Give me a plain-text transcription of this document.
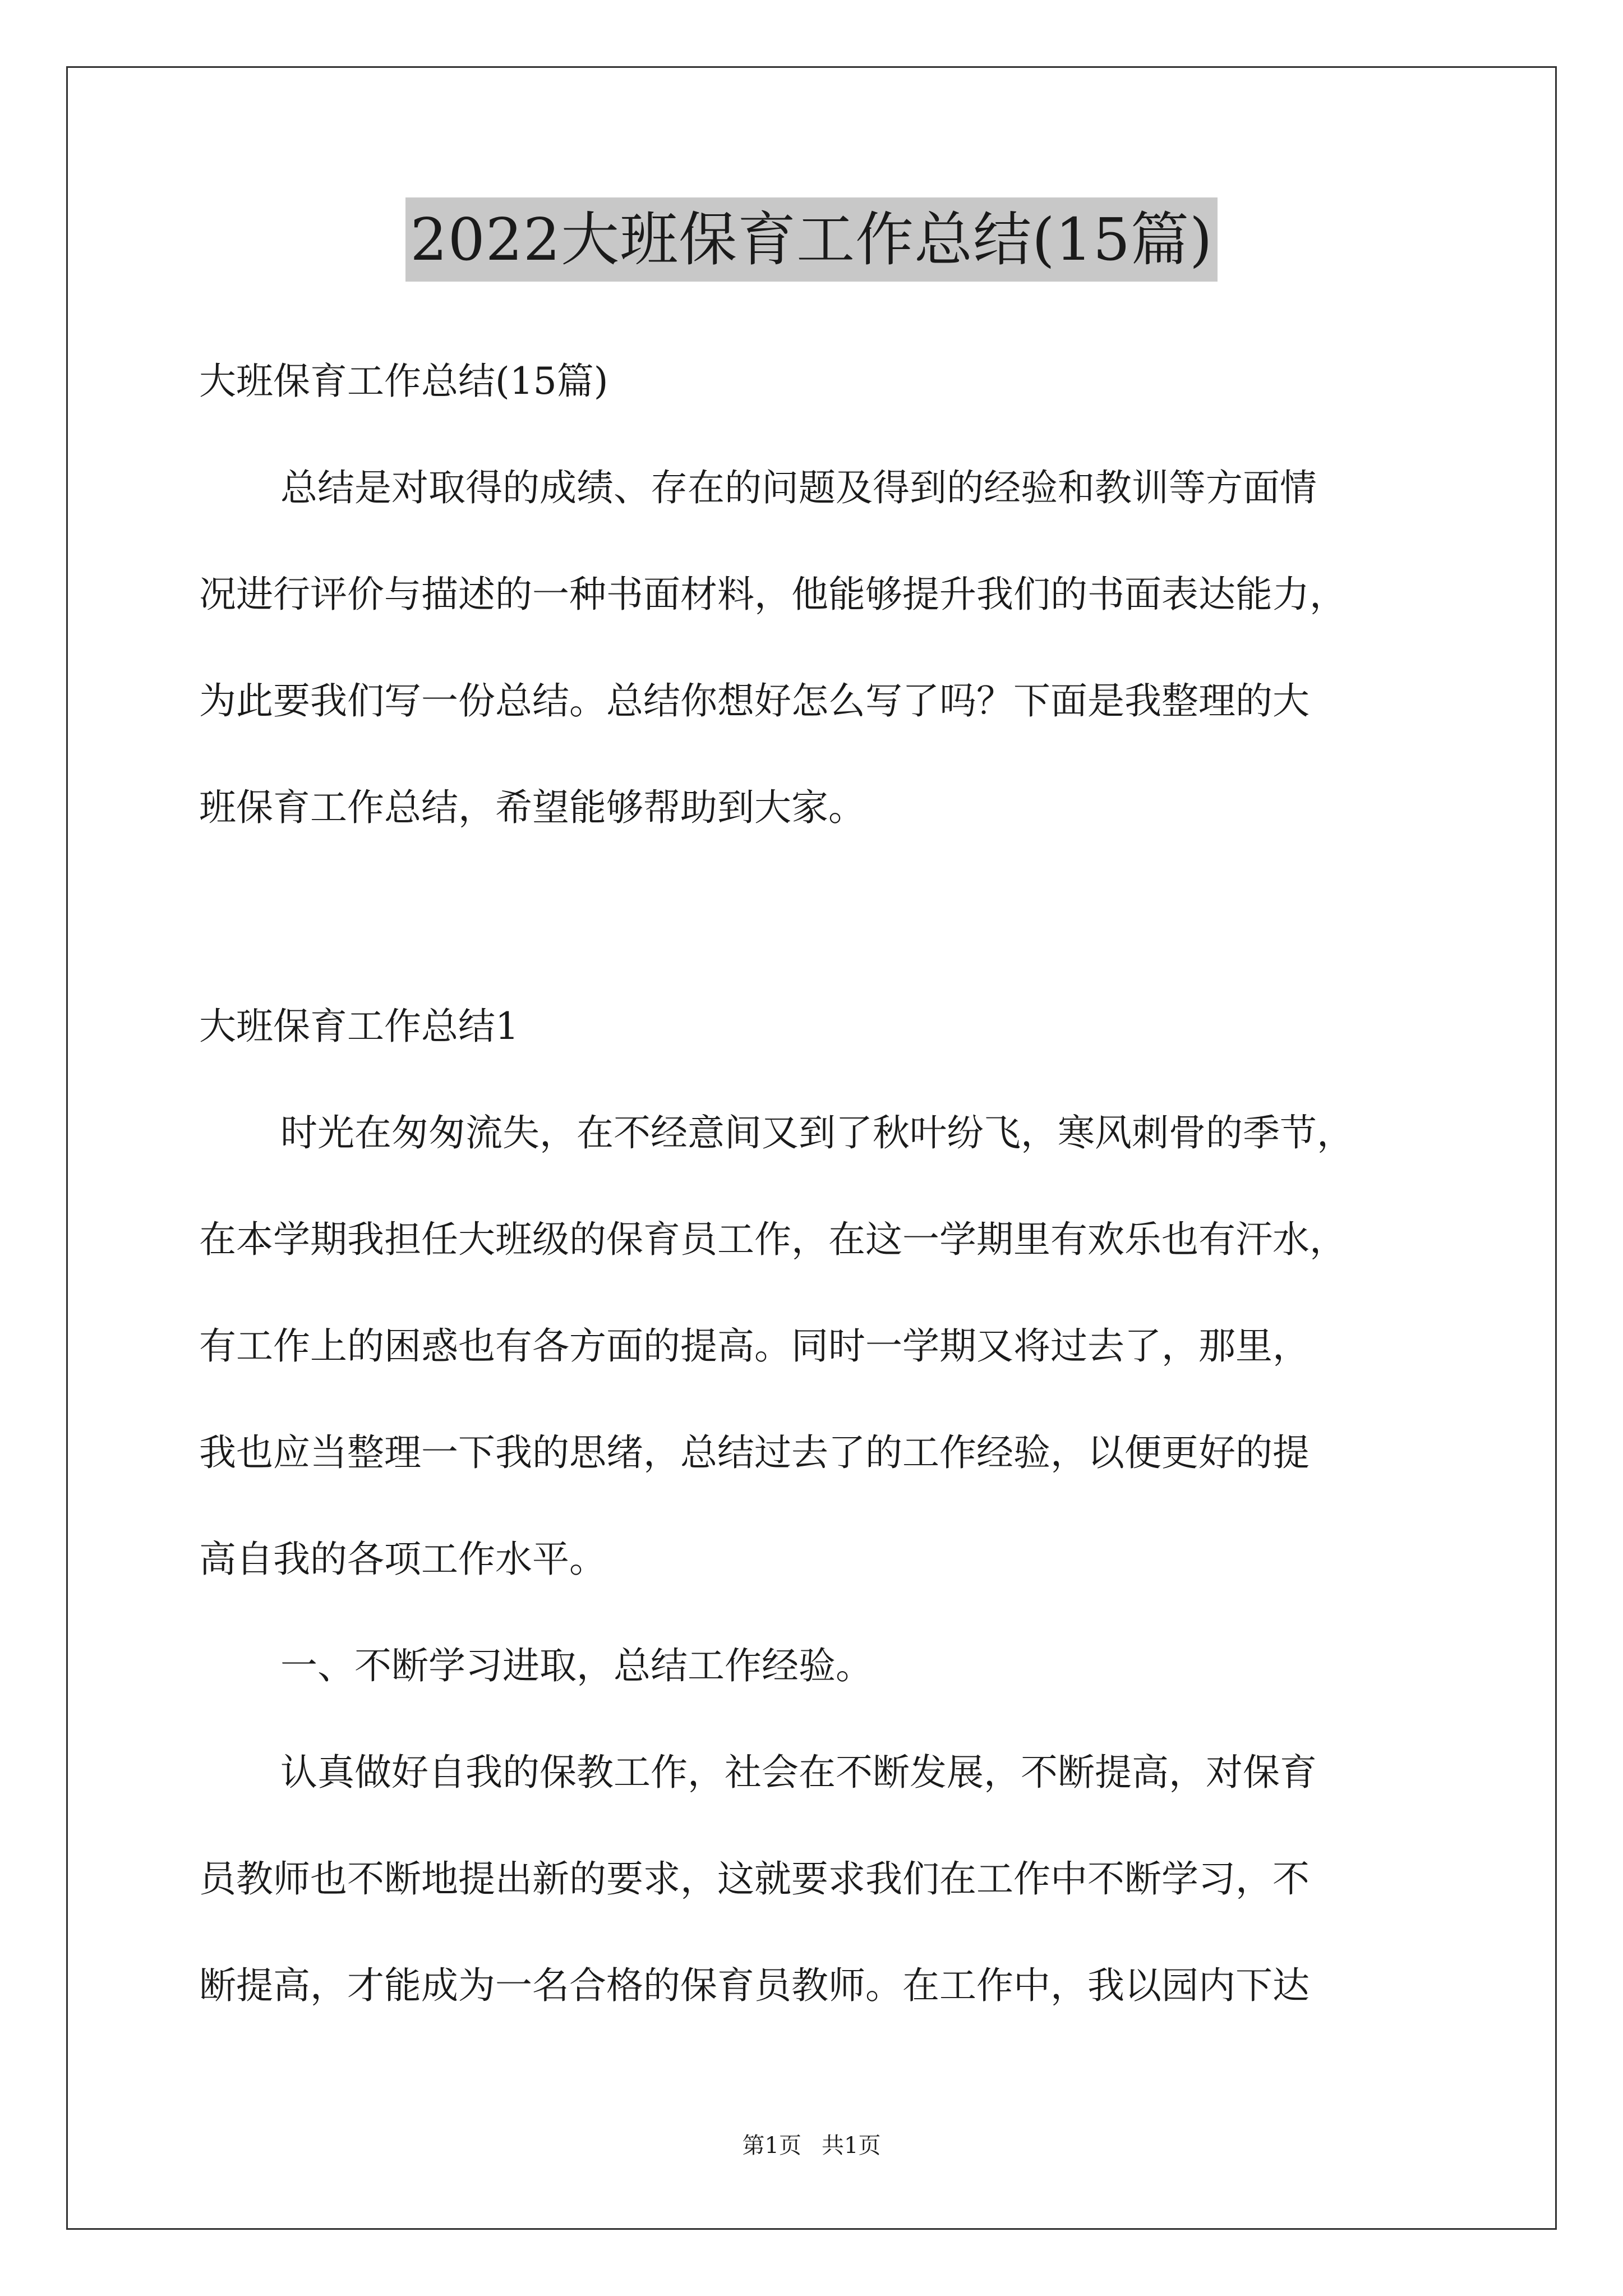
2022大班保育工作总结(15篇)
大班保育工作总结(15篇)
总结是对取得的成绩、存在的问题及得到的经验和教训等方面情
况进行评价与描述的一种书面材料，他能够提升我们的书面表达能力，
为此要我们写一份总结。总结你想好怎么写了吗？下面是我整理的大
班保育工作总结，希望能够帮助到大家。
大班保育工作总结1
时光在匆匆流失，在不经意间又到了秋叶纷飞，寒风刺骨的季节，
在本学期我担任大班级的保育员工作，在这一学期里有欢乐也有汗水，
有工作上的困惑也有各方面的提高。同时一学期又将过去了，那里，
我也应当整理一下我的思绪，总结过去了的工作经验，以便更好的提
高自我的各项工作水平。
一、不断学习进取，总结工作经验。
认真做好自我的保教工作，社会在不断发展，不断提高，对保育
员教师也不断地提出新的要求，这就要求我们在工作中不断学习，不
断提高，才能成为一名合格的保育员教师。在工作中，我以园内下达
第1页 共1页
